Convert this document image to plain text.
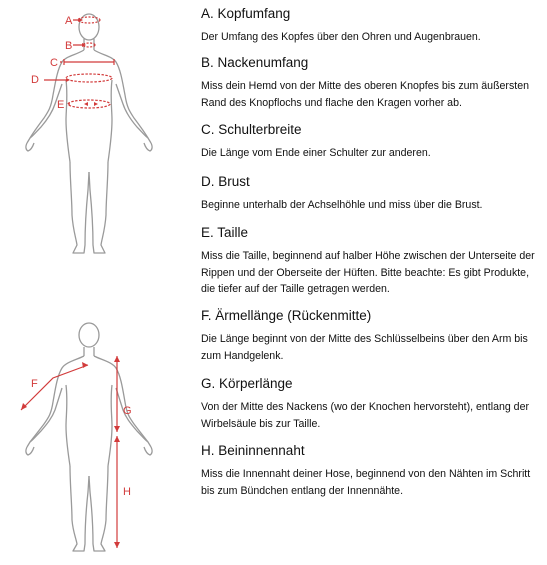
A
B
C
D
E
F
G
H
A. Kopfumfang

Der Umfang des Kopfes über den Ohren und Augenbrauen.

B. Nackenumfang

Miss dein Hemd von der Mitte des oberen Knopfes bis zum äußersten Rand des Knopflochs und flache den Kragen vorher ab.

C. Schulterbreite

Die Länge vom Ende einer Schulter zur anderen.

D. Brust

Beginne unterhalb der Achselhöhle und miss über die Brust.

E. Taille

Miss die Taille, beginnend auf halber Höhe zwischen der Unterseite der Rippen und der Oberseite der Hüften. Bitte beachte: Es gibt Produkte, die tiefer auf der Taille getragen werden.

F. Ärmellänge (Rückenmitte)

Die Länge beginnt von der Mitte des Schlüsselbeins über den Arm bis zum Handgelenk.

G. Körperlänge

Von der Mitte des Nackens (wo der Knochen hervorsteht), entlang der Wirbelsäule bis zur Taille.

H. Beininnennaht

Miss die Innennaht deiner Hose, beginnend von den Nähten im Schritt bis zum Bündchen entlang der Innennähte.
